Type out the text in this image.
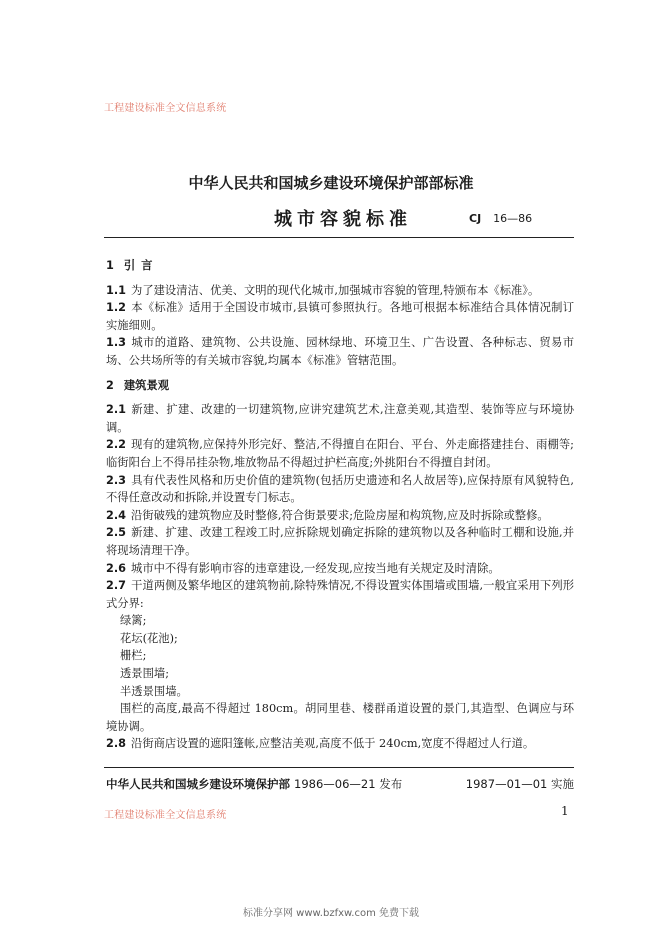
工程建设标准全文信息系统
中华人民共和国城乡建设环境保护部部标准
城市容貌标准	CJ 16—86

1 引言

1.1 为了建设清洁、优美、文明的现代化城市,加强城市容貌的管理,特颁布本《标准》。

1.2 本《标准》适用于全国设市城市,县镇可参照执行。各地可根据本标准结合具体情况制订实施细则。

1.3 城市的道路、建筑物、公共设施、园林绿地、环境卫生、广告设置、各种标志、贸易市场、公共场所等的有关城市容貌,均属本《标准》管辖范围。

2 建筑景观

2.1 新建、扩建、改建的一切建筑物,应讲究建筑艺术,注意美观,其造型、装饰等应与环境协调。

2.2 现有的建筑物,应保持外形完好、整洁,不得擅自在阳台、平台、外走廊搭建挂台、雨棚等;临街阳台上不得吊挂杂物,堆放物品不得超过护栏高度;外挑阳台不得擅自封闭。

2.3 具有代表性风格和历史价值的建筑物(包括历史遗迹和名人故居等),应保持原有风貌特色,不得任意改动和拆除,并设置专门标志。

2.4 沿街破残的建筑物应及时整修,符合街景要求;危险房屋和构筑物,应及时拆除或整修。

2.5 新建、扩建、改建工程竣工时,应拆除规划确定拆除的建筑物以及各种临时工棚和设施,并将现场清理干净。

2.6 城市中不得有影响市容的违章建设,一经发现,应按当地有关规定及时清除。

2.7 干道两侧及繁华地区的建筑物前,除特殊情况,不得设置实体围墙或围墙,一般宜采用下列形式分界:

绿篱;

花坛(花池);

栅栏;

透景围墙;

半透景围墙。

围栏的高度,最高不得超过 180cm。胡同里巷、楼群甬道设置的景门,其造型、色调应与环境协调。

2.8 沿街商店设置的遮阳篷帐,应整洁美观,高度不低于 240cm,宽度不得超过人行道。

中华人民共和国城乡建设环境保护部 1986—06—21 发布	1987—01—01 实施
1
工程建设标准全文信息系统
标准分享网 www.bzfxw.com 免费下载
